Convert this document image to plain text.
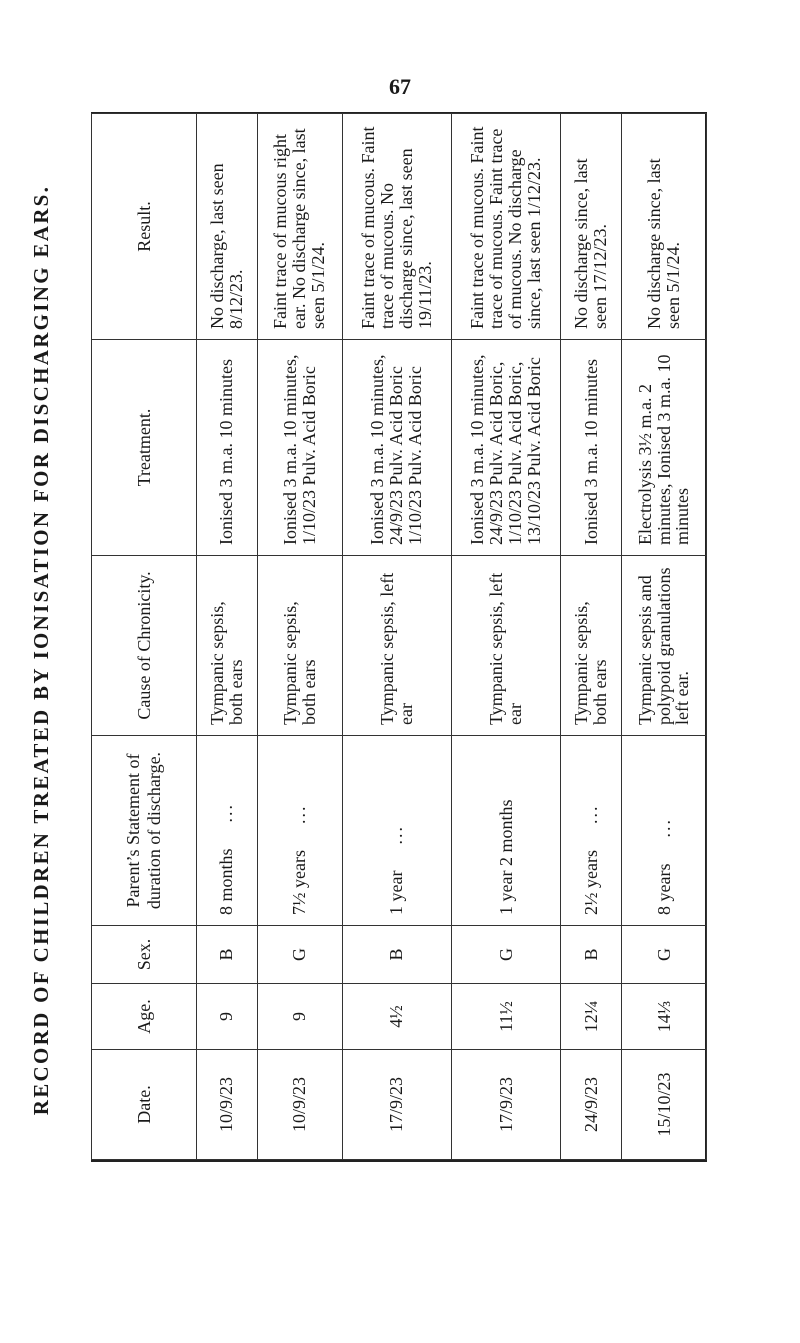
67
RECORD OF CHILDREN TREATED BY IONISATION FOR DISCHARGING EARS.	Date.	Age.	Sex.	Parent’s Statement of duration of discharge.	Cause of Chronicity.	Treatment.	Result.
10/9/23	9	B	8 months...	Tympanic sepsis, both ears	Ionised 3 m.a. 10 minutes	No discharge, last seen 8/12/23.
10/9/23	9	G	7½ years...	Tympanic sepsis, both ears	Ionised 3 m.a. 10 minutes, 1/10/23 Pulv. Acid Boric	Faint trace of mucous right ear. No discharge since, last seen 5/1/24.
17/9/23	4½	B	1 year...	Tympanic sepsis, left ear	Ionised 3 m.a. 10 minutes, 24/9/23 Pulv. Acid Boric 1/10/23 Pulv. Acid Boric	Faint trace of mucous. Faint trace of mucous. No discharge since, last seen 19/11/23.
17/9/23	11½	G	1 year 2 months	Tympanic sepsis, left ear	Ionised 3 m.a. 10 minutes, 24/9/23 Pulv. Acid Boric, 1/10/23 Pulv. Acid Boric, 13/10/23 Pulv. Acid Boric	Faint trace of mucous. Faint trace of mucous. Faint trace of mucous. No discharge since, last seen 1/12/23.
24/9/23	12¼	B	2½ years...	Tympanic sepsis, both ears	Ionised 3 m.a. 10 minutes	No discharge since, last seen 17/12/23.
15/10/23	14⅓	G	8 years...	Tympanic sepsis and polypoid granulations left ear.	Electrolysis 3½ m.a. 2 minutes, Ionised 3 m.a. 10 minutes	No discharge since, last seen 5/1/24.
